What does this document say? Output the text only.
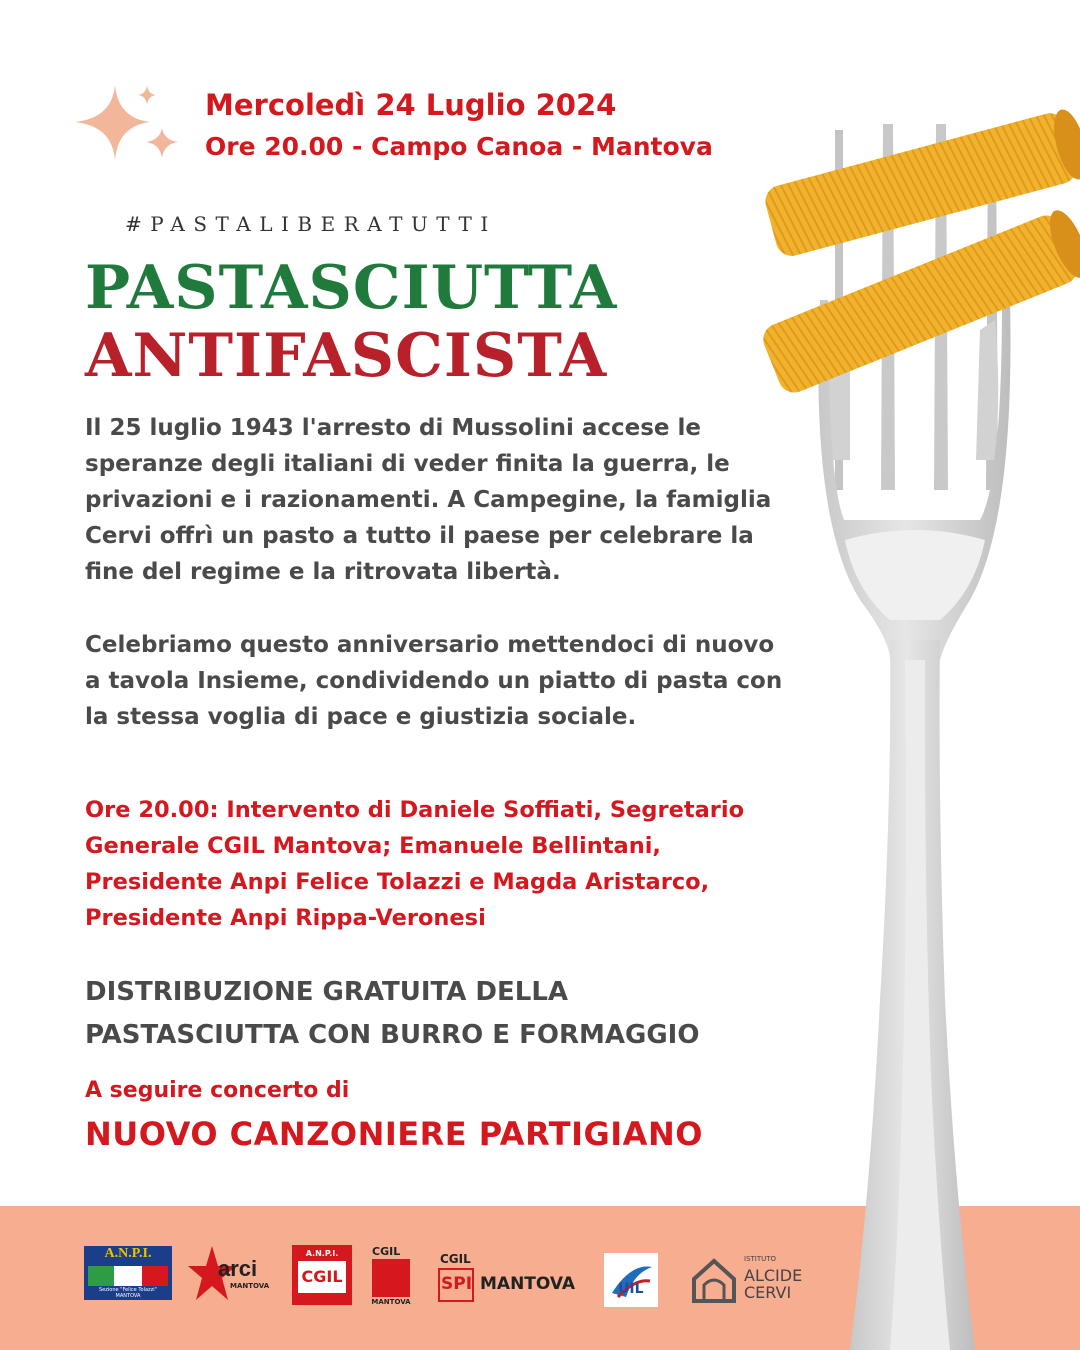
Mercoledì 24 Luglio 2024
Ore 20.00 - Campo Canoa - Mantova
#PASTALIBERATUTTI
PASTASCIUTTA
ANTIFASCISTA

Il 25 luglio 1943 l'arresto di Mussolini accese le speranze degli italiani di veder finita la guerra, le privazioni e i razionamenti. A Campegine, la famiglia Cervi offrì un pasto a tutto il paese per celebrare la fine del regime e la ritrovata libertà.

Celebriamo questo anniversario mettendoci di nuovo a tavola Insieme, condividendo un piatto di pasta con la stessa voglia di pace e giustizia sociale.

Ore 20.00: Intervento di Daniele Soffiati, Segretario Generale CGIL Mantova; Emanuele Bellintani, Presidente Anpi Felice Tolazzi e Magda Aristarco, Presidente Anpi Rippa-Veronesi

DISTRIBUZIONE GRATUITA DELLA
PASTASCIUTTA CON BURRO E FORMAGGIO
A seguire concerto di
NUOVO CANZONIERE PARTIGIANO
A.N.P.I.
Sezione "Felice Tolazzi"
MANTOVA
arci
MANTOVA
A.N.P.I.
CGIL
CGIL
MANTOVA
CGIL
SPI MANTOVA	UIL
ISTITUTO
ALCIDE
CERVI
